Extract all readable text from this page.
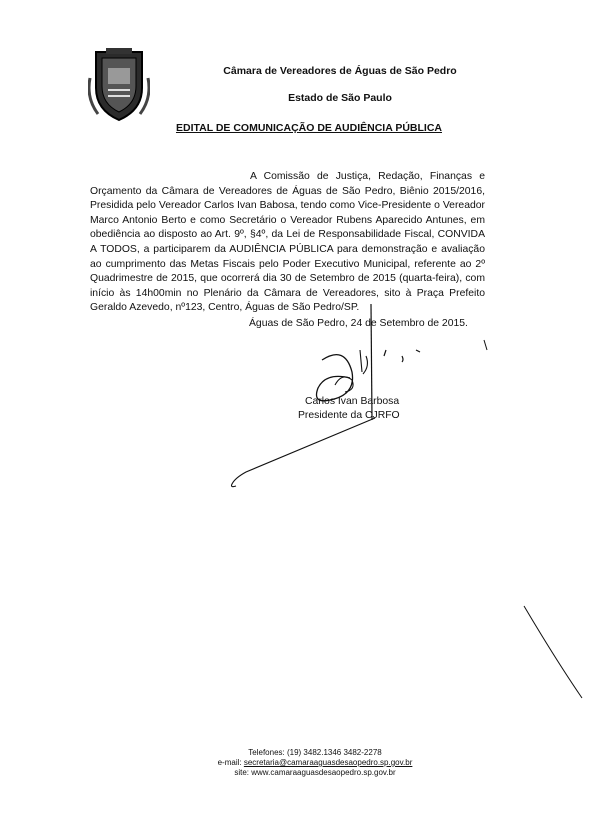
Câmara de Vereadores de Águas de São Pedro
Estado de São Paulo
EDITAL DE COMUNICAÇÃO DE AUDIÊNCIA PÚBLICA
A Comissão de Justiça, Redação, Finanças e Orçamento da Câmara de Vereadores de Águas de São Pedro, Biênio 2015/2016, Presidida pelo Vereador Carlos Ivan Babosa, tendo como Vice-Presidente o Vereador Marco Antonio Berto e como Secretário o Vereador Rubens Aparecido Antunes, em obediência ao disposto ao Art. 9º, §4º, da Lei de Responsabilidade Fiscal, CONVIDA A TODOS, a participarem da AUDIÊNCIA PÚBLICA para demonstração e avaliação ao cumprimento das Metas Fiscais pelo Poder Executivo Municipal, referente ao 2º Quadrimestre de 2015, que ocorrerá dia 30 de Setembro de 2015 (quarta-feira), com início às 14h00min no Plenário da Câmara de Vereadores, sito à Praça Prefeito Geraldo Azevedo, nº123, Centro, Águas de São Pedro/SP.
Águas de São Pedro, 24 de Setembro de 2015.
Carlos Ivan Barbosa
Presidente da CJRFO
Telefones: (19) 3482.1346 3482-2278
e-mail: secretaria@camaraaguasdesaopedro.sp.gov.br
site: www.camaraaguasdesaopedro.sp.gov.br
